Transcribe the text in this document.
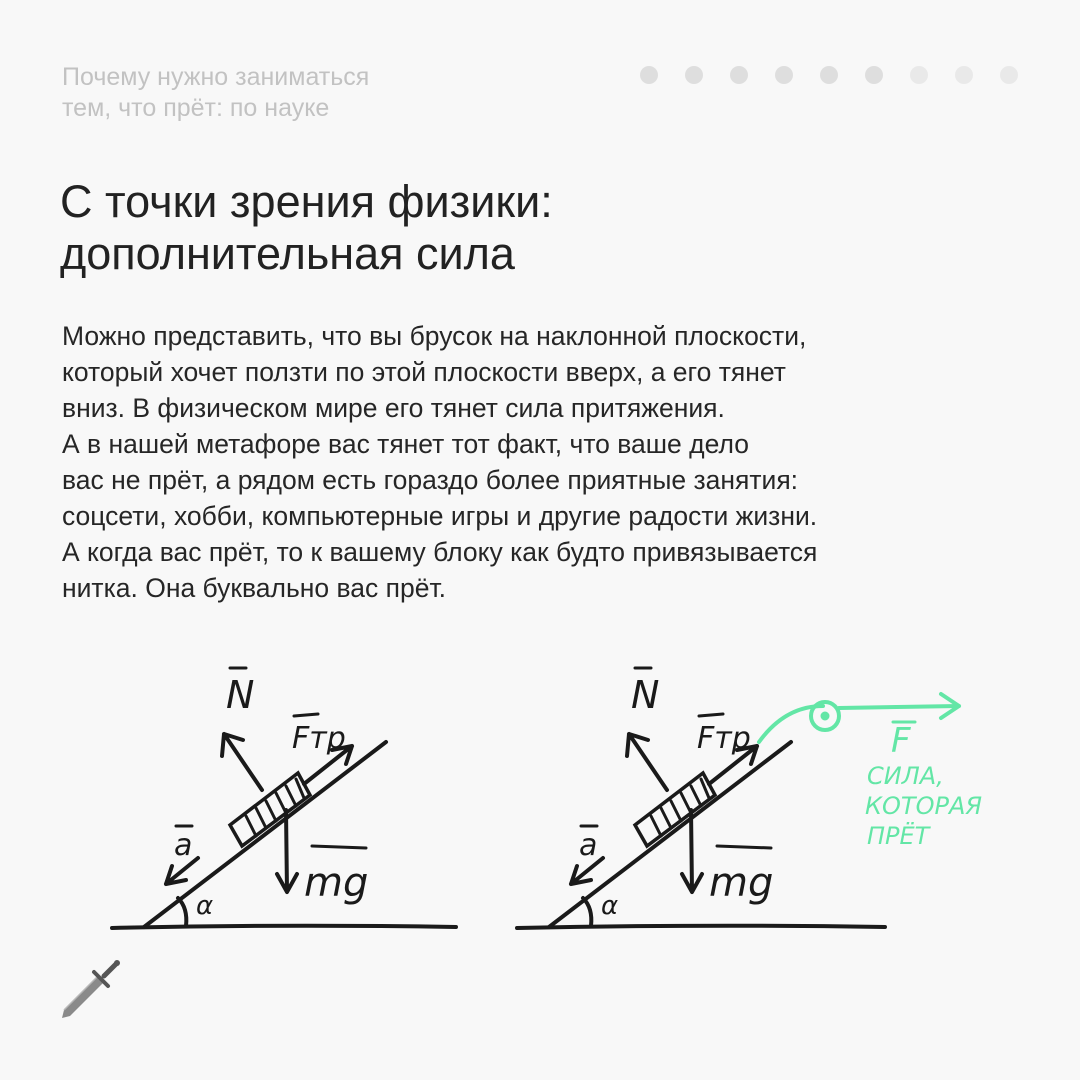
Почему нужно заниматься
тем, что прёт: по науке
С точки зрения физики:
дополнительная сила
Можно представить, что вы брусок на наклонной плоскости,
который хочет ползти по этой плоскости вверх, а его тянет
вниз. В физическом мире его тянет сила притяжения.
А в нашей метафоре вас тянет тот факт, что ваше дело
вас не прёт, а рядом есть гораздо более приятные занятия:
соцсети, хобби, компьютерные игры и другие радости жизни.
А когда вас прёт, то к вашему блоку как будто привязывается
нитка. Она буквально вас прёт.
N
Fтр
mg
a
α
N
Fтр
mg
a
α
F
СИЛА,
КОТОРАЯ
ПРЁТ
